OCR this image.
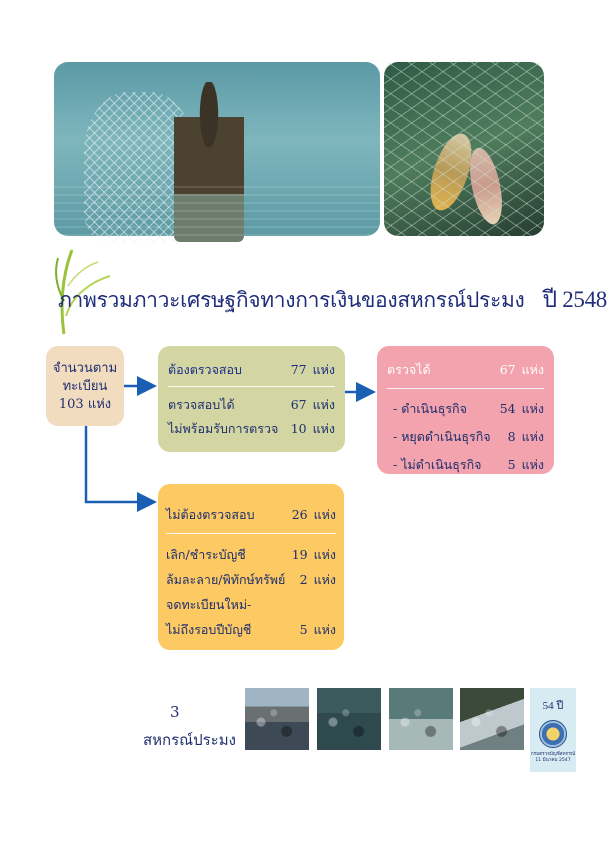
ภาพรวมภาวะเศรษฐกิจทางการเงินของสหกรณ์ประมง ปี 2548
จำนวนตาม
ทะเบียน
103 แห่ง
ต้องตรวจสอบ	77 แห่ง
ตรวจสอบได้	67 แห่ง
ไม่พร้อมรับการตรวจ 10 แห่ง
ตรวจได้	67 แห่ง
- ดำเนินธุรกิจ	54 แห่ง
- หยุดดำเนินธุรกิจ 8 แห่ง
- ไม่ดำเนินธุรกิจ 5 แห่ง
ไม่ต้องตรวจสอบ	26 แห่ง
เลิก/ชำระบัญชี	19 แห่ง
ล้มละลาย/พิทักษ์ทรัพย์ 2 แห่ง
จดทะเบียนใหม่-
ไม่ถึงรอบปีบัญชี	5 แห่ง
3
สหกรณ์ประมง
54 ปี
กรมตรวจบัญชีสหกรณ์
11 มีนาคม 2547
